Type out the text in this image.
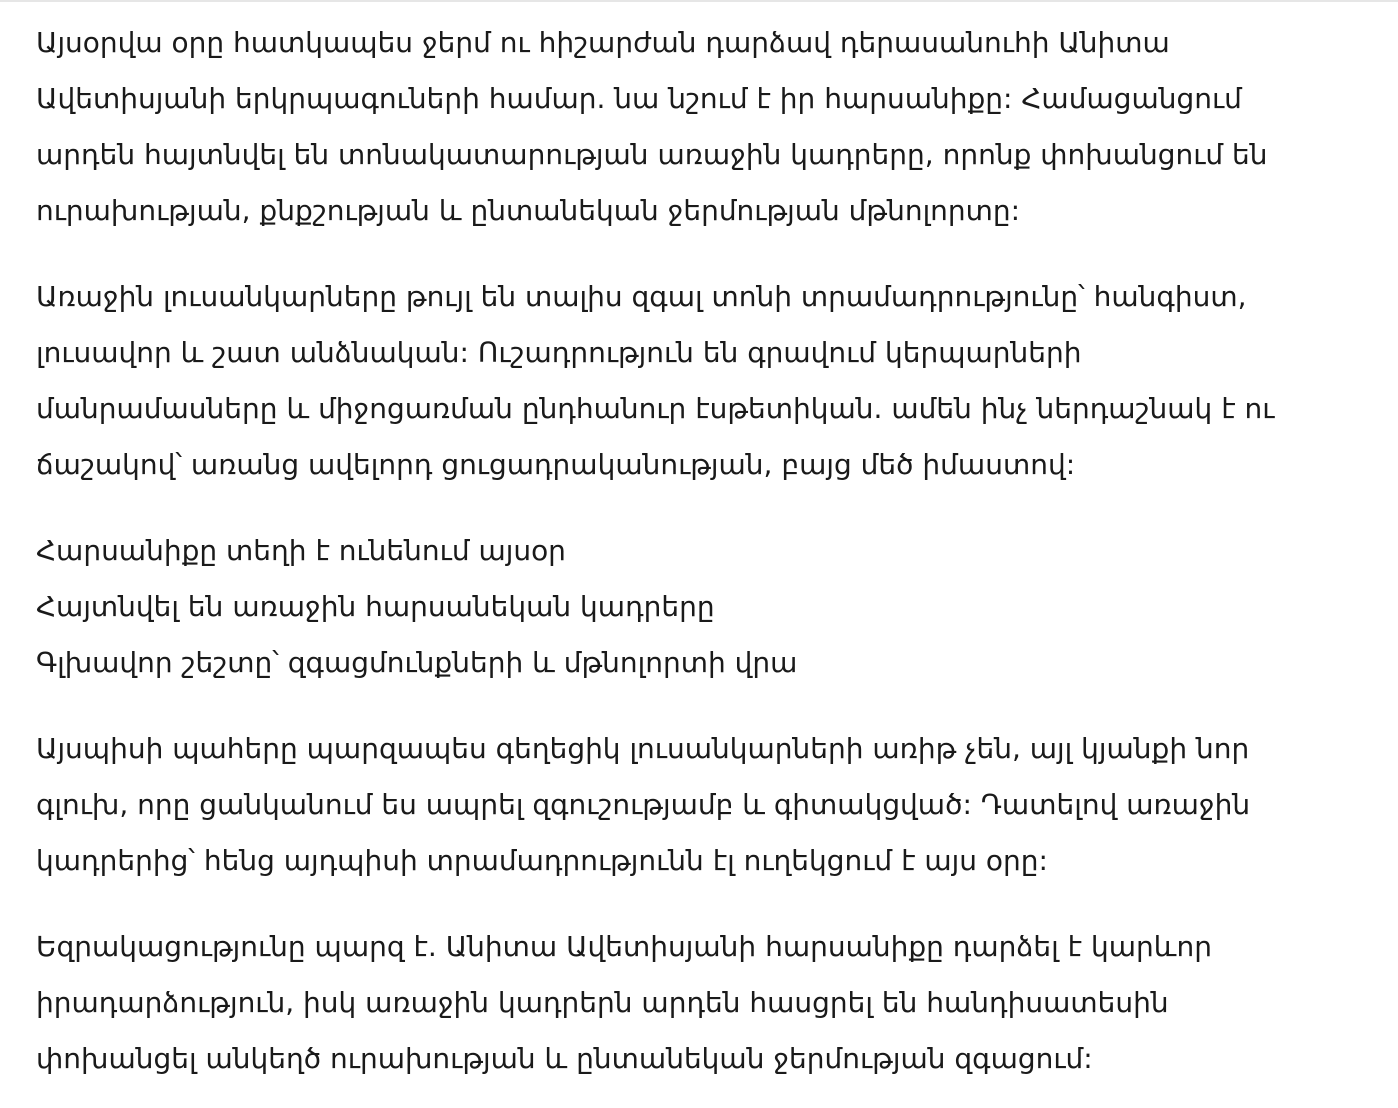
Այսօրվա օրը հատկապես ջերմ ու հիշարժան դարձավ դերասանուհի Անիտա
Ավետիսյանի երկրպագուների համար. նա նշում է իր հարսանիքը: Համացանցում
արդեն հայտնվել են տոնակատարության առաջին կադրերը, որոնք փոխանցում են
ուրախության, քնքշության և ընտանեկան ջերմության մթնոլորտը:

Առաջին լուսանկարները թույլ են տալիս զգալ տոնի տրամադրությունը՝ հանգիստ,
լուսավոր և շատ անձնական: Ուշադրություն են գրավում կերպարների
մանրամասները և միջոցառման ընդհանուր էսթետիկան. ամեն ինչ ներդաշնակ է ու
ճաշակով՝ առանց ավելորդ ցուցադրականության, բայց մեծ իմաստով:

Հարսանիքը տեղի է ունենում այսօր
Հայտնվել են առաջին հարսանեկան կադրերը
Գլխավոր շեշտը՝ զգացմունքների և մթնոլորտի վրա

Այսպիսի պահերը պարզապես գեղեցիկ լուսանկարների առիթ չեն, այլ կյանքի նոր
գլուխ, որը ցանկանում ես ապրել զգուշությամբ և գիտակցված: Դատելով առաջին
կադրերից՝ հենց այդպիսի տրամադրությունն էլ ուղեկցում է այս օրը:

Եզրակացությունը պարզ է. Անիտա Ավետիսյանի հարսանիքը դարձել է կարևոր
իրադարձություն, իսկ առաջին կադրերն արդեն հասցրել են հանդիսատեսին
փոխանցել անկեղծ ուրախության և ընտանեկան ջերմության զգացում:
